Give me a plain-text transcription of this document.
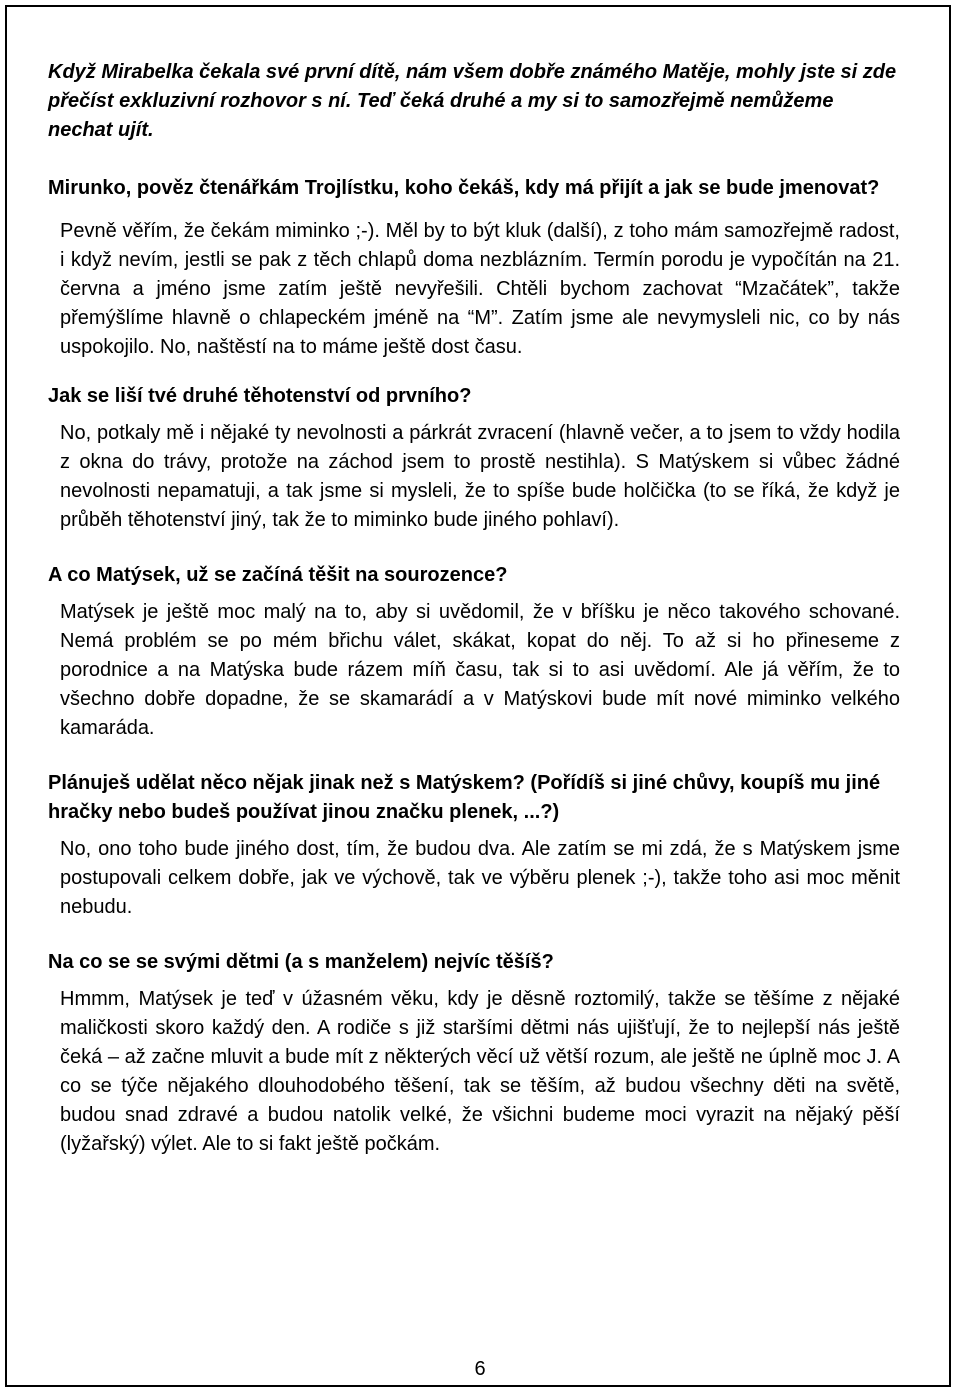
Když Mirabelka čekala své první dítě, nám všem dobře známého Matěje, mohly jste si zde přečíst exkluzivní rozhovor s ní. Teď čeká druhé a my si to samozřejmě nemůžeme nechat ujít.

Mirunko, pověz čtenářkám Trojlístku, koho čekáš, kdy má přijít a jak se bude jmenovat?

Pevně věřím, že čekám miminko ;-). Měl by to být kluk (další), z toho mám samozřejmě radost, i když nevím, jestli se pak z těch chlapů doma nezblázním. Termín porodu je vypočítán na 21. června a jméno jsme zatím ještě nevyřešili. Chtěli bychom zachovat “Mzačátek”, takže přemýšlíme hlavně o chlapeckém jméně na “M”. Zatím jsme ale nevymysleli nic, co by nás uspokojilo. No, naštěstí na to máme ještě dost času.

Jak se liší tvé druhé těhotenství od prvního?

No, potkaly mě i nějaké ty nevolnosti a párkrát zvracení (hlavně večer, a to jsem to vždy hodila z okna do trávy, protože na záchod jsem to prostě nestihla). S Matýskem si vůbec žádné nevolnosti nepamatuji, a tak jsme si mysleli, že to spíše bude holčička (to se říká, že když je průběh těhotenství jiný, tak že to miminko bude jiného pohlaví).

A co Matýsek, už se začíná těšit na sourozence?

Matýsek je ještě moc malý na to, aby si uvědomil, že v bříšku je něco takového schované. Nemá problém se po mém břichu válet, skákat, kopat do něj. To až si ho přineseme z porodnice a na Matýska bude rázem míň času, tak si to asi uvědomí. Ale já věřím, že to všechno dobře dopadne, že se skamarádí a v Matýskovi bude mít nové miminko velkého kamaráda.

Plánuješ udělat něco nějak jinak než s Matýskem? (Pořídíš si jiné chůvy, koupíš mu jiné hračky nebo budeš používat jinou značku plenek, ...?)

No, ono toho bude jiného dost, tím, že budou dva. Ale zatím se mi zdá, že s Matýskem jsme postupovali celkem dobře, jak ve výchově, tak ve výběru plenek ;-), takže toho asi moc měnit nebudu.

Na co se se svými dětmi (a s manželem) nejvíc těšíš?

Hmmm, Matýsek je teď v úžasném věku, kdy je děsně roztomilý, takže se těšíme z nějaké maličkosti skoro každý den. A rodiče s již staršími dětmi nás ujišťují, že to nejlepší nás ještě čeká – až začne mluvit a bude mít z některých věcí už větší rozum, ale ještě ne úplně moc J. A co se týče nějakého dlouhodobého těšení, tak se těším, až budou všechny děti na světě, budou snad zdravé a budou natolik velké, že všichni budeme moci vyrazit na nějaký pěší (lyžařský) výlet. Ale to si fakt ještě počkám.

6
